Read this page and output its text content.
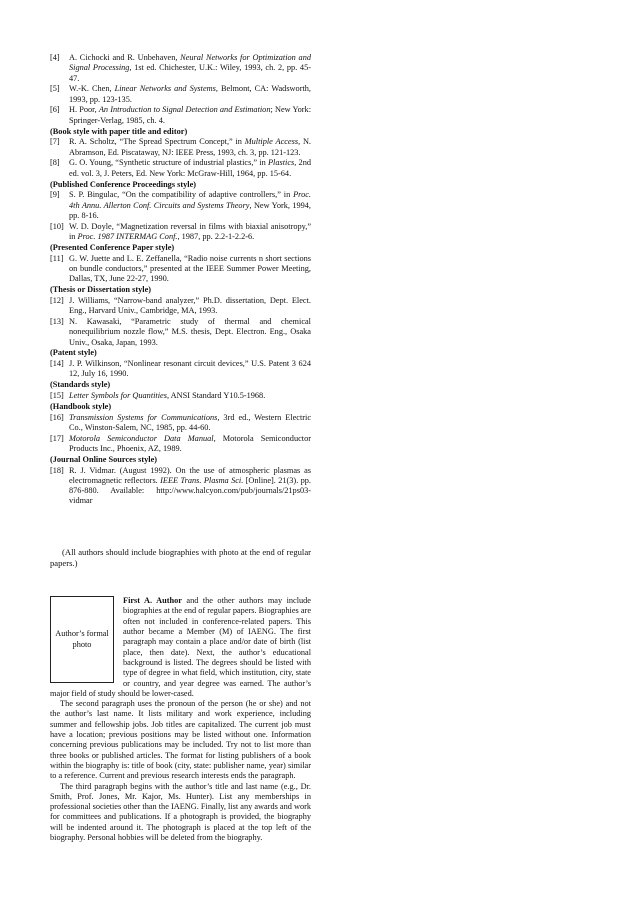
[4]	A. Cichocki and R. Unbehaven, Neural Networks for Optimization and Signal Processing, 1st ed. Chichester, U.K.: Wiley, 1993, ch. 2, pp. 45-47.
[5]	W.-K. Chen, Linear Networks and Systems, Belmont, CA: Wadsworth, 1993, pp. 123-135.
[6]	H. Poor, An Introduction to Signal Detection and Estimation; New York: Springer-Verlag, 1985, ch. 4.
(Book style with paper title and editor)
[7]	R. A. Scholtz, “The Spread Spectrum Concept,” in Multiple Access, N. Abramson, Ed. Piscataway, NJ: IEEE Press, 1993, ch. 3, pp. 121-123.
[8]	G. O. Young, “Synthetic structure of industrial plastics,” in Plastics, 2nd ed. vol. 3, J. Peters, Ed. New York: McGraw-Hill, 1964, pp. 15-64.
(Published Conference Proceedings style)
[9]	S. P. Bingulac, “On the compatibility of adaptive controllers,” in Proc. 4th Annu. Allerton Conf. Circuits and Systems Theory, New York, 1994, pp. 8-16.
[10] W. D. Doyle, “Magnetization reversal in films with biaxial anisotropy,” in Proc. 1987 INTERMAG Conf., 1987, pp. 2.2-1-2.2-6.
(Presented Conference Paper style)
[11] G. W. Juette and L. E. Zeffanella, “Radio noise currents n short sections on bundle conductors,” presented at the IEEE Summer Power Meeting, Dallas, TX, June 22-27, 1990.
(Thesis or Dissertation style)
[12] J. Williams, “Narrow-band analyzer,” Ph.D. dissertation, Dept. Elect. Eng., Harvard Univ., Cambridge, MA, 1993.
[13] N. Kawasaki, “Parametric study of thermal and chemical nonequilibrium nozzle flow,” M.S. thesis, Dept. Electron. Eng., Osaka Univ., Osaka, Japan, 1993.
(Patent style)
[14] J. P. Wilkinson, “Nonlinear resonant circuit devices,” U.S. Patent 3 624 12, July 16, 1990.
(Standards style)
[15] Letter Symbols for Quantities, ANSI Standard Y10.5-1968.
(Handbook style)
[16] Transmission Systems for Communications, 3rd ed., Western Electric Co., Winston-Salem, NC, 1985, pp. 44-60.
[17] Motorola Semiconductor Data Manual, Motorola Semiconductor Products Inc., Phoenix, AZ, 1989.
(Journal Online Sources style)
[18] R. J. Vidmar. (August 1992). On the use of atmospheric plasmas as electromagnetic reflectors. IEEE Trans. Plasma Sci. [Online]. 21(3). pp. 876-880. Available: http://www.halcyon.com/pub/journals/21ps03-vidmar
(All authors should include biographies with photo at the end of regular papers.)
Author’s formal photo

First A. Author and the other authors may include biographies at the end of regular papers. Biographies are often not included in conference-related papers. This author became a Member (M) of IAENG. The first paragraph may contain a place and/or date of birth (list place, then date). Next, the author’s educational background is listed. The degrees should be listed with type of degree in what field, which institution, city, state or country, and year degree was earned. The author’s major field of study should be lower-cased.

The second paragraph uses the pronoun of the person (he or she) and not the author’s last name. It lists military and work experience, including summer and fellowship jobs. Job titles are capitalized. The current job must have a location; previous positions may be listed without one. Information concerning previous publications may be included. Try not to list more than three books or published articles. The format for listing publishers of a book within the biography is: title of book (city, state: publisher name, year) similar to a reference. Current and previous research interests ends the paragraph.

The third paragraph begins with the author’s title and last name (e.g., Dr. Smith, Prof. Jones, Mr. Kajor, Ms. Hunter). List any memberships in professional societies other than the IAENG. Finally, list any awards and work for committees and publications. If a photograph is provided, the biography will be indented around it. The photograph is placed at the top left of the biography. Personal hobbies will be deleted from the biography.
